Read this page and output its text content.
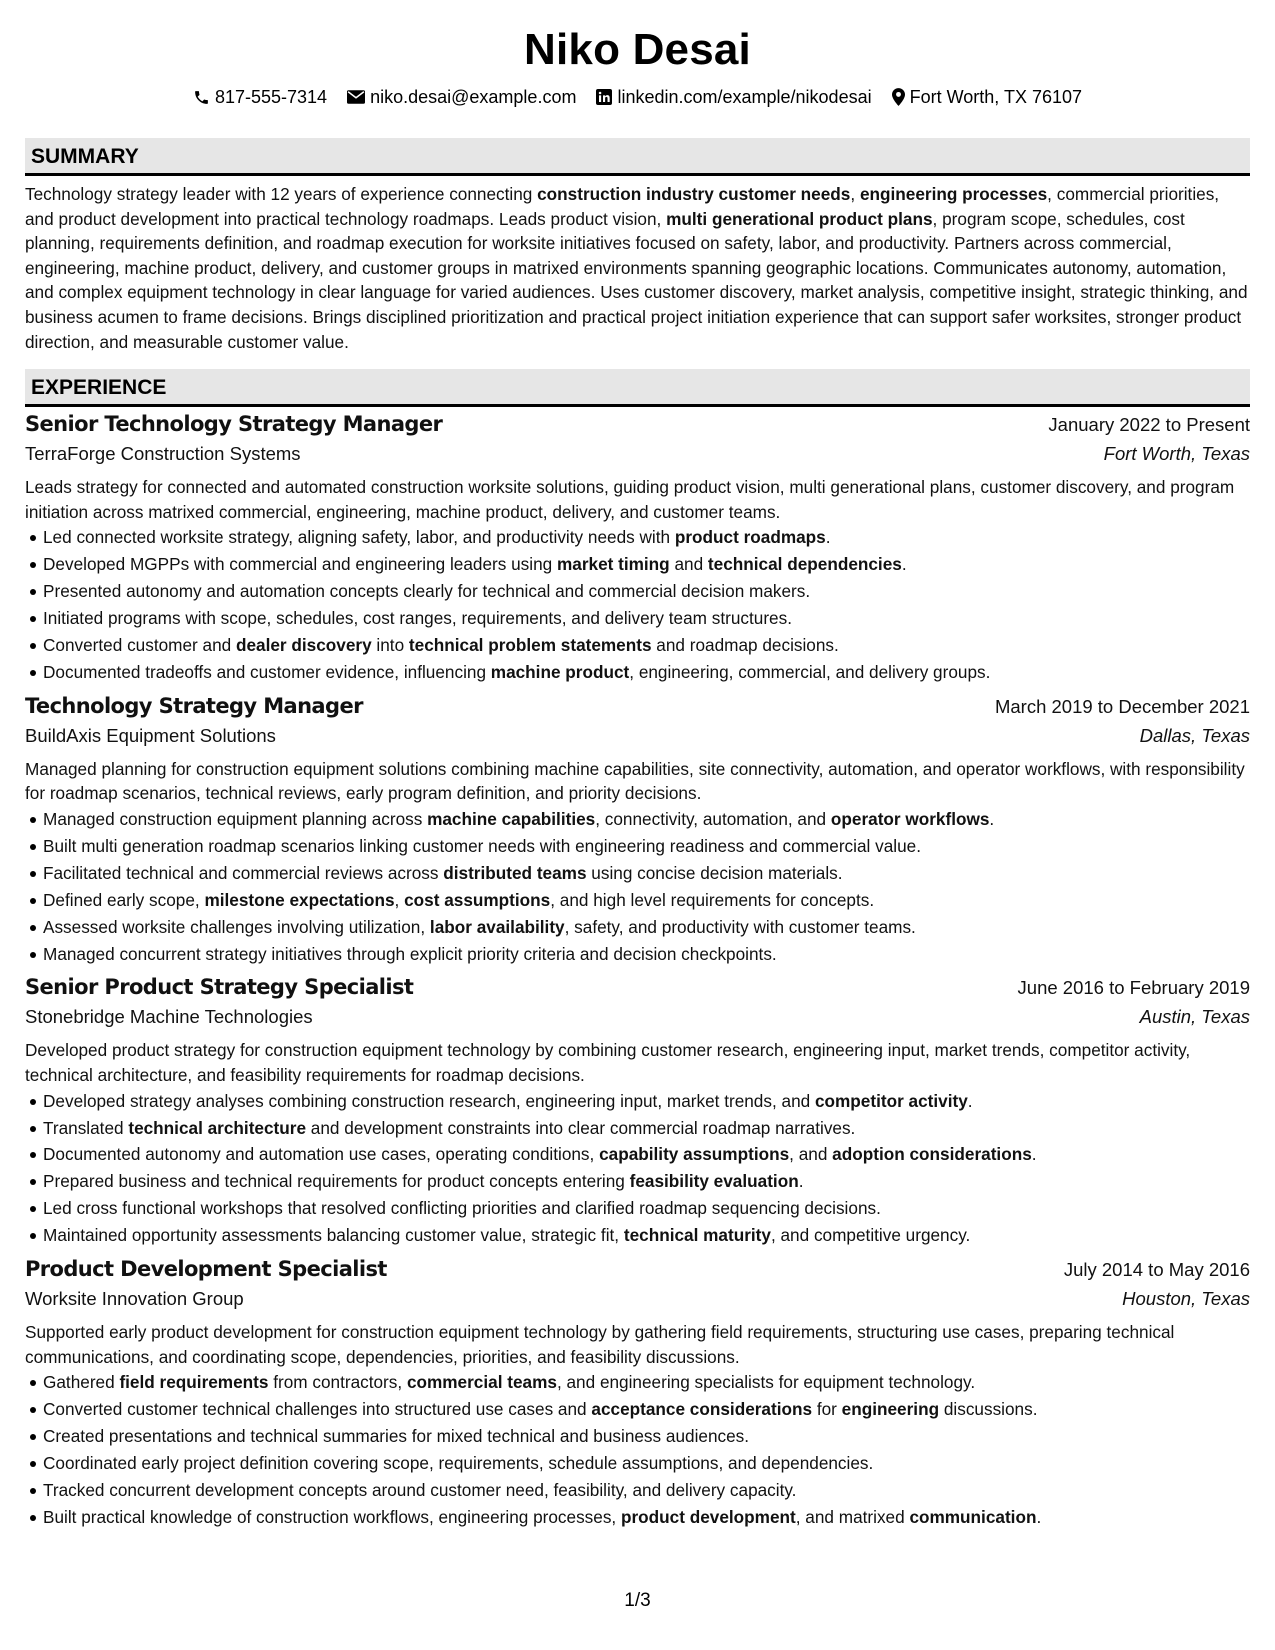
Niko Desai
817-555-7314 niko.desai@example.com linkedin.com/example/nikodesai Fort Worth, TX 76107
SUMMARY

Technology strategy leader with 12 years of experience connecting construction industry customer needs, engineering processes, commercial priorities, and product development into practical technology roadmaps. Leads product vision, multi generational product plans, program scope, schedules, cost planning, requirements definition, and roadmap execution for worksite initiatives focused on safety, labor, and productivity. Partners across commercial, engineering, machine product, delivery, and customer groups in matrixed environments spanning geographic locations. Communicates autonomy, automation, and complex equipment technology in clear language for varied audiences. Uses customer discovery, market analysis, competitive insight, strategic thinking, and business acumen to frame decisions. Brings disciplined prioritization and practical project initiation experience that can support safer worksites, stronger product direction, and measurable customer value.

EXPERIENCE
Senior Technology Strategy Manager	January 2022 to Present
TerraForge Construction Systems	Fort Worth, Texas

Leads strategy for connected and automated construction worksite solutions, guiding product vision, multi generational plans, customer discovery, and program initiation across matrixed commercial, engineering, machine product, delivery, and customer teams.

Led connected worksite strategy, aligning safety, labor, and productivity needs with product roadmaps.
Developed MGPPs with commercial and engineering leaders using market timing and technical dependencies.
Presented autonomy and automation concepts clearly for technical and commercial decision makers.
Initiated programs with scope, schedules, cost ranges, requirements, and delivery team structures.
Converted customer and dealer discovery into technical problem statements and roadmap decisions.
Documented tradeoffs and customer evidence, influencing machine product, engineering, commercial, and delivery groups.
Technology Strategy Manager	March 2019 to December 2021
BuildAxis Equipment Solutions	Dallas, Texas

Managed planning for construction equipment solutions combining machine capabilities, site connectivity, automation, and operator workflows, with responsibility for roadmap scenarios, technical reviews, early program definition, and priority decisions.

Managed construction equipment planning across machine capabilities, connectivity, automation, and operator workflows.
Built multi generation roadmap scenarios linking customer needs with engineering readiness and commercial value.
Facilitated technical and commercial reviews across distributed teams using concise decision materials.
Defined early scope, milestone expectations, cost assumptions, and high level requirements for concepts.
Assessed worksite challenges involving utilization, labor availability, safety, and productivity with customer teams.
Managed concurrent strategy initiatives through explicit priority criteria and decision checkpoints.
Senior Product Strategy Specialist	June 2016 to February 2019
Stonebridge Machine Technologies	Austin, Texas

Developed product strategy for construction equipment technology by combining customer research, engineering input, market trends, competitor activity, technical architecture, and feasibility requirements for roadmap decisions.

Developed strategy analyses combining construction research, engineering input, market trends, and competitor activity.
Translated technical architecture and development constraints into clear commercial roadmap narratives.
Documented autonomy and automation use cases, operating conditions, capability assumptions, and adoption considerations.
Prepared business and technical requirements for product concepts entering feasibility evaluation.
Led cross functional workshops that resolved conflicting priorities and clarified roadmap sequencing decisions.
Maintained opportunity assessments balancing customer value, strategic fit, technical maturity, and competitive urgency.
Product Development Specialist	July 2014 to May 2016
Worksite Innovation Group	Houston, Texas

Supported early product development for construction equipment technology by gathering field requirements, structuring use cases, preparing technical communications, and coordinating scope, dependencies, priorities, and feasibility discussions.

Gathered field requirements from contractors, commercial teams, and engineering specialists for equipment technology.
Converted customer technical challenges into structured use cases and acceptance considerations for engineering discussions.
Created presentations and technical summaries for mixed technical and business audiences.
Coordinated early project definition covering scope, requirements, schedule assumptions, and dependencies.
Tracked concurrent development concepts around customer need, feasibility, and delivery capacity.
Built practical knowledge of construction workflows, engineering processes, product development, and matrixed communication.
1/3
